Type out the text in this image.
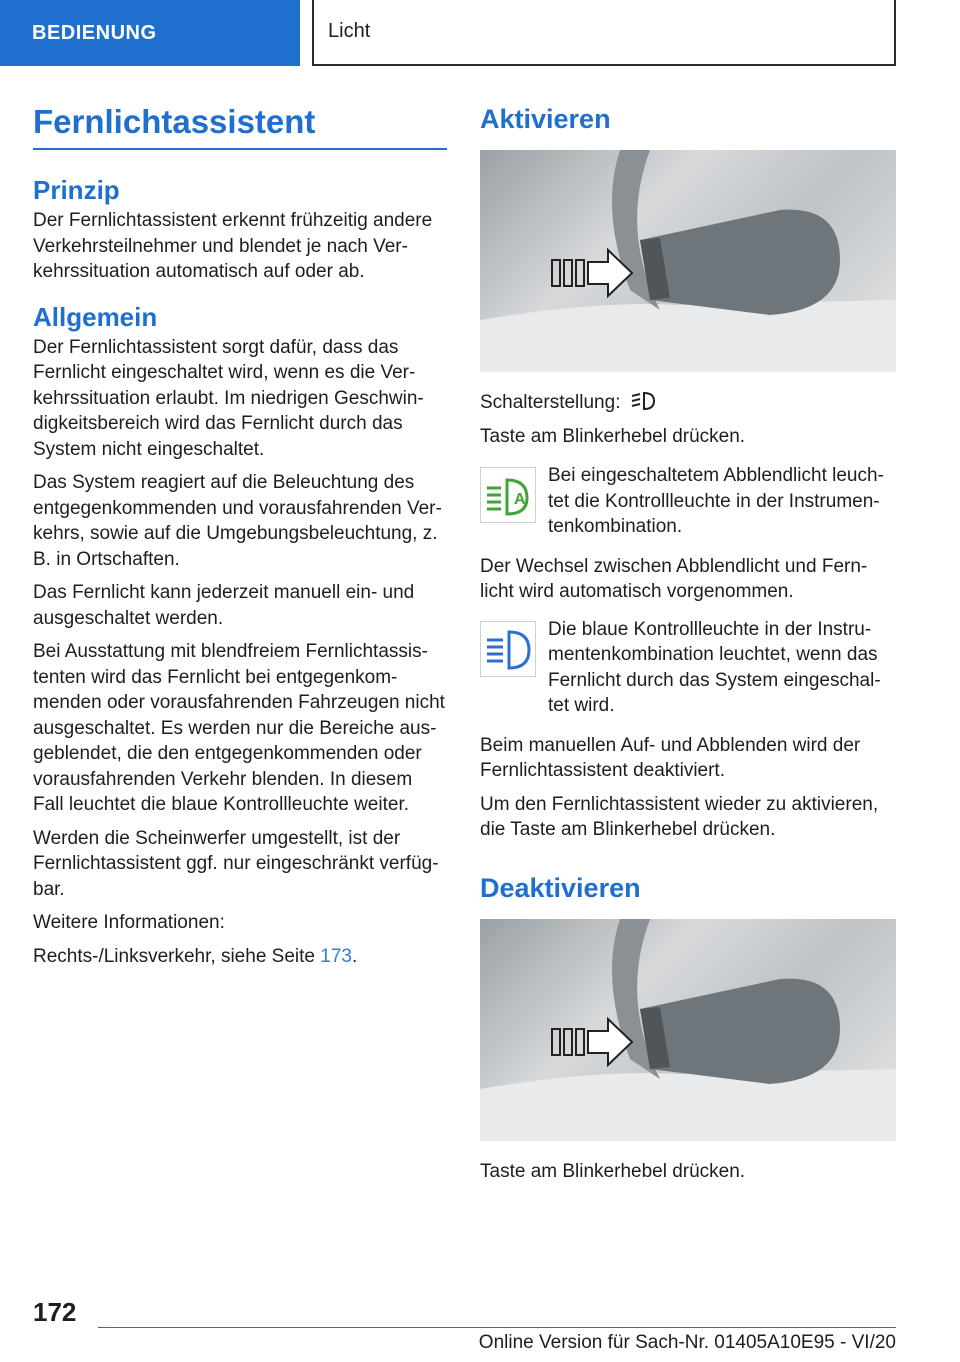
BEDIENUNG	Licht
Fernlichtassistent
Prinzip

Der Fernlichtassistent erkennt frühzeitig andere Verkehrsteilnehmer und blendet je nach Ver-kehrssituation automatisch auf oder ab.

Allgemein

Der Fernlichtassistent sorgt dafür, dass das Fernlicht eingeschaltet wird, wenn es die Ver-kehrssituation erlaubt. Im niedrigen Geschwin-digkeitsbereich wird das Fernlicht durch das System nicht eingeschaltet.

Das System reagiert auf die Beleuchtung des entgegenkommenden und vorausfahrenden Ver-kehrs, sowie auf die Umgebungsbeleuchtung, z. B. in Ortschaften.

Das Fernlicht kann jederzeit manuell ein- und ausgeschaltet werden.

Bei Ausstattung mit blendfreiem Fernlichtassis-tenten wird das Fernlicht bei entgegenkom-menden oder vorausfahrenden Fahrzeugen nicht ausgeschaltet. Es werden nur die Bereiche aus-geblendet, die den entgegenkommenden oder vorausfahrenden Verkehr blenden. In diesem Fall leuchtet die blaue Kontrollleuchte weiter.

Werden die Scheinwerfer umgestellt, ist der Fernlichtassistent ggf. nur eingeschränkt verfüg-bar.

Weitere Informationen:

Rechts-/Linksverkehr, siehe Seite 173.

Aktivieren

Schalterstellung:

Taste am Blinkerhebel drücken.

A

Bei eingeschaltetem Abblendlicht leuch-tet die Kontrollleuchte in der Instrumen-tenkombination.

Der Wechsel zwischen Abblendlicht und Fern-licht wird automatisch vorgenommen.

Die blaue Kontrollleuchte in der Instru-mentenkombination leuchtet, wenn das Fernlicht durch das System eingeschal-tet wird.

Beim manuellen Auf- und Abblenden wird der Fernlichtassistent deaktiviert.

Um den Fernlichtassistent wieder zu aktivieren, die Taste am Blinkerhebel drücken.

Deaktivieren

Taste am Blinkerhebel drücken.

172
Online Version für Sach-Nr. 01405A10E95 - VI/20
